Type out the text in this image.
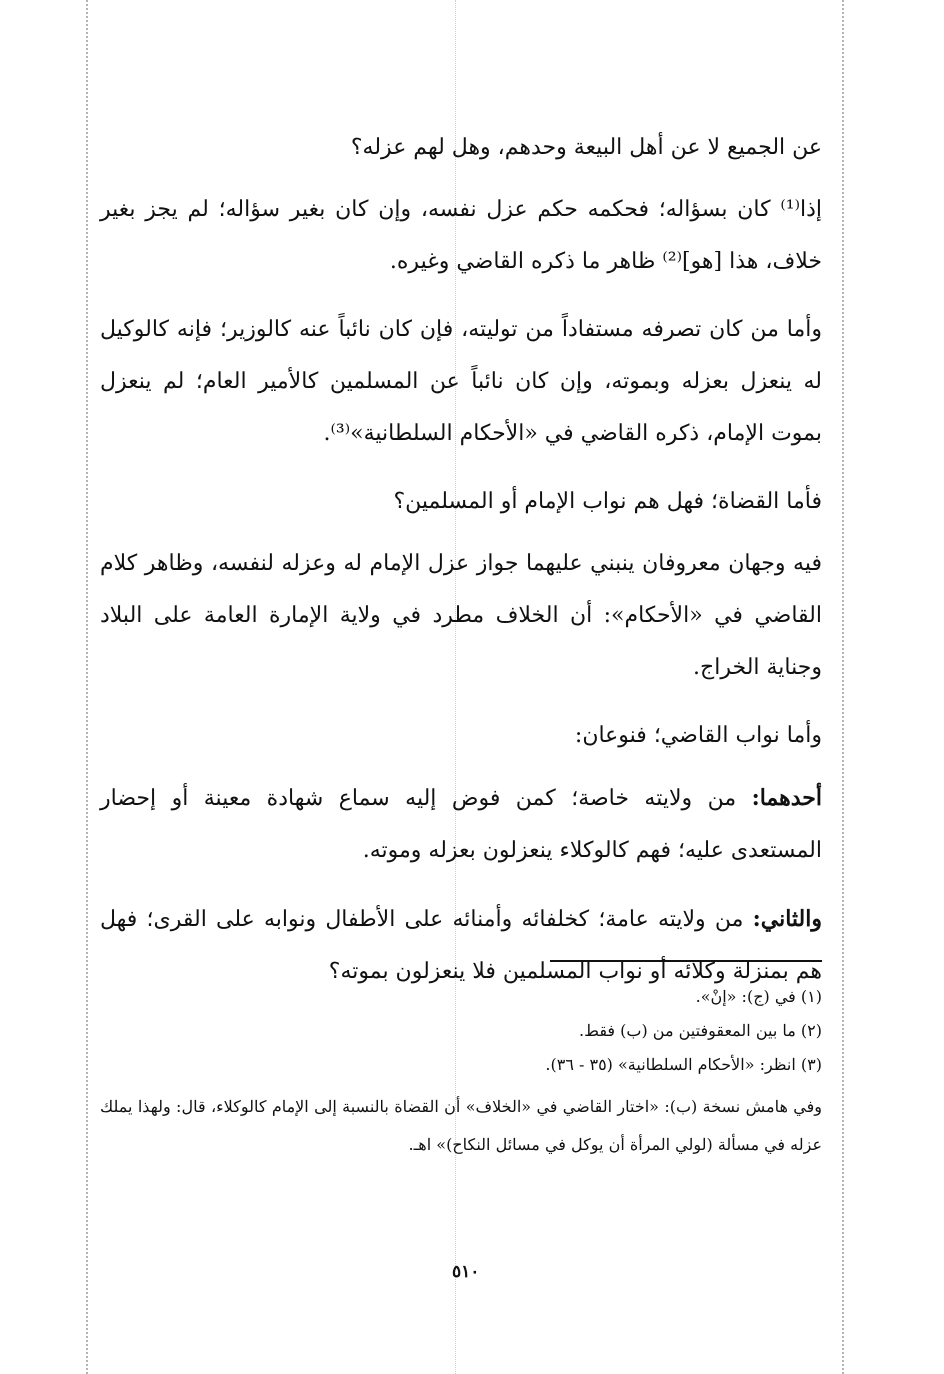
عن الجميع لا عن أهل البيعة وحدهم، وهل لهم عزله؟

إذا⁽¹⁾ كان بسؤاله؛ فحكمه حكم عزل نفسه، وإن كان بغير سؤاله؛ لم يجز بغير خلاف، هذا [هو]⁽²⁾ ظاهر ما ذكره القاضي وغيره.

وأما من كان تصرفه مستفاداً من توليته، فإن كان نائباً عنه كالوزير؛ فإنه كالوكيل له ينعزل بعزله وبموته، وإن كان نائباً عن المسلمين كالأمير العام؛ لم ينعزل بموت الإمام، ذكره القاضي في «الأحكام السلطانية»⁽³⁾.

فأما القضاة؛ فهل هم نواب الإمام أو المسلمين؟

فيه وجهان معروفان ينبني عليهما جواز عزل الإمام له وعزله لنفسه، وظاهر كلام القاضي في «الأحكام»: أن الخلاف مطرد في ولاية الإمارة العامة على البلاد وجناية الخراج.

وأما نواب القاضي؛ فنوعان:

أحدهما: من ولايته خاصة؛ كمن فوض إليه سماع شهادة معينة أو إحضار المستعدى عليه؛ فهم كالوكلاء ينعزلون بعزله وموته.

والثاني: من ولايته عامة؛ كخلفائه وأمنائه على الأطفال ونوابه على القرى؛ فهل هم بمنزلة وكلائه أو نواب المسلمين فلا ينعزلون بموته؟

(١) في (ج): «إنْ».

(٢) ما بين المعقوفتين من (ب) فقط.

(٣) انظر: «الأحكام السلطانية» (٣٥ - ٣٦).

وفي هامش نسخة (ب): «اختار القاضي في «الخلاف» أن القضاة بالنسبة إلى الإمام كالوكلاء، قال: ولهذا يملك عزله في مسألة (لولي المرأة أن يوكل في مسائل النكاح)» اهـ.

٥١٠
